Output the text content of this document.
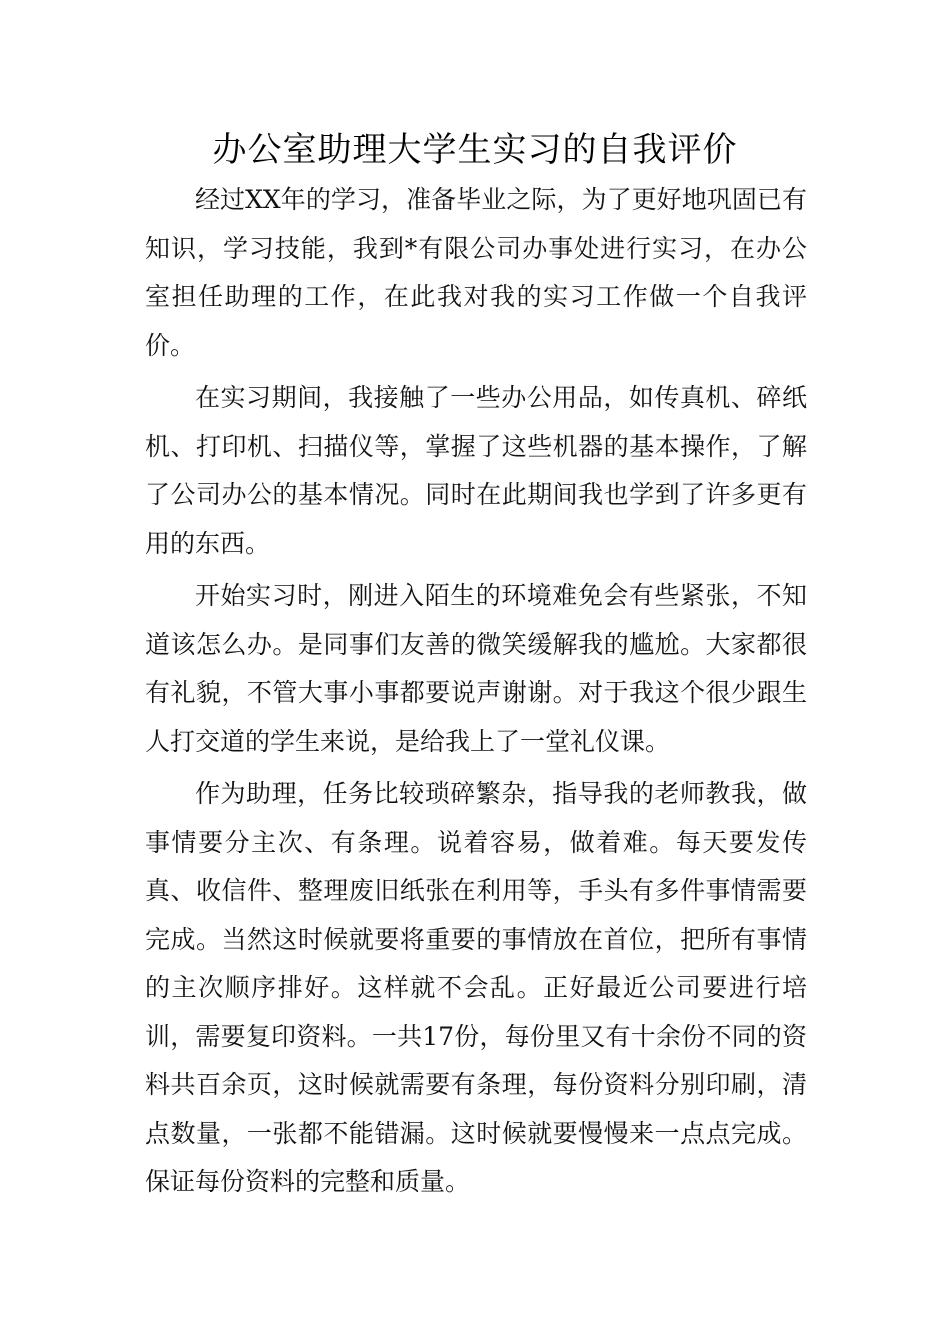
办公室助理大学生实习的自我评价

经过XX年的学习，准备毕业之际，为了更好地巩固已有知识，学习技能，我到*有限公司办事处进行实习，在办公室担任助理的工作，在此我对我的实习工作做一个自我评价。

在实习期间，我接触了一些办公用品，如传真机、碎纸机、打印机、扫描仪等，掌握了这些机器的基本操作，了解了公司办公的基本情况。同时在此期间我也学到了许多更有用的东西。

开始实习时，刚进入陌生的环境难免会有些紧张，不知道该怎么办。是同事们友善的微笑缓解我的尴尬。大家都很有礼貌，不管大事小事都要说声谢谢。对于我这个很少跟生人打交道的学生来说，是给我上了一堂礼仪课。

作为助理，任务比较琐碎繁杂，指导我的老师教我，做事情要分主次、有条理。说着容易，做着难。每天要发传真、收信件、整理废旧纸张在利用等，手头有多件事情需要完成。当然这时候就要将重要的事情放在首位，把所有事情的主次顺序排好。这样就不会乱。正好最近公司要进行培训，需要复印资料。一共17份，每份里又有十余份不同的资料共百余页，这时候就需要有条理，每份资料分别印刷，清点数量，一张都不能错漏。这时候就要慢慢来一点点完成。保证每份资料的完整和质量。
